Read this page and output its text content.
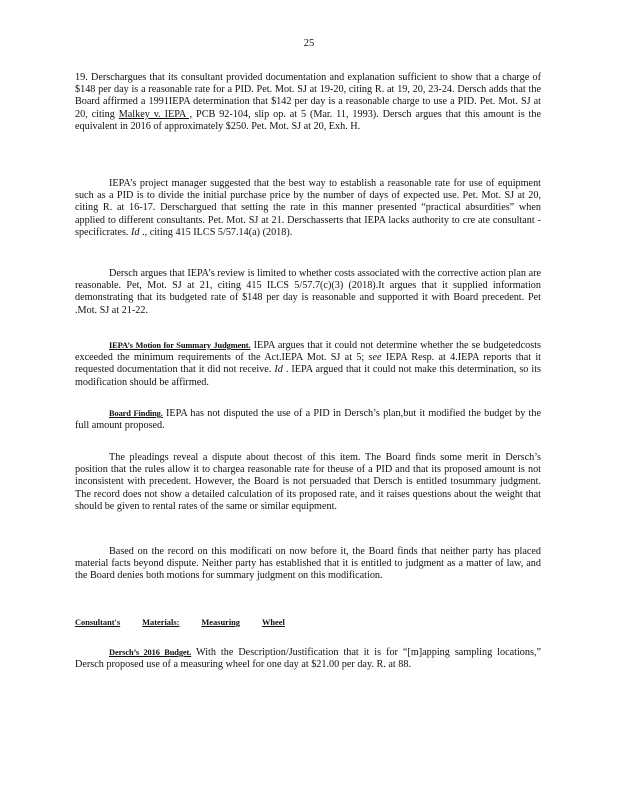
25

19. Derschargues that its consultant provided documentation and explanation sufficient to show that a charge of $148 per day is a reasonable rate for a PID. Pet. Mot. SJ at 19-20, citing R. at 19, 20, 23-24. Dersch adds that the Board affirmed a 1991IEPA determination that $142 per day is a reasonable charge to use a PID. Pet. Mot. SJ at 20, citing Malkey v. IEPA , PCB 92-104, slip op. at 5 (Mar. 11, 1993). Dersch argues that this amount is the equivalent in 2016 of approximately $250. Pet. Mot. SJ at 20, Exh. H.

IEPA’s project manager suggested that the best way to establish a reasonable rate for use of equipment such as a PID is to divide the initial purchase price by the number of days of expected use. Pet. Mot. SJ at 20, citing R. at 16-17. Derschargued that setting the rate in this manner presented “practical absurdities” when applied to different consultants. Pet. Mot. SJ at 21. Derschasserts that IEPA lacks authority to cre ate consultant -specificrates. Id ., citing 415 ILCS 5/57.14(a) (2018).

Dersch argues that IEPA’s review is limited to whether costs associated with the corrective action plan are reasonable. Pet, Mot. SJ at 21, citing 415 ILCS 5/57.7(c)(3) (2018).It argues that it supplied information demonstrating that its budgeted rate of $148 per day is reasonable and supported it with Board precedent. Pet .Mot. SJ at 21-22.

IEPA’s Motion for Summary Judgment. IEPA argues that it could not determine whether the se budgetedcosts exceeded the minimum requirements of the Act.IEPA Mot. SJ at 5; see IEPA Resp. at 4.IEPA reports that it requested documentation that it did not receive. Id . IEPA argued that it could not make this determination, so its modification should be affirmed.

Board Finding. IEPA has not disputed the use of a PID in Dersch’s plan,but it modified the budget by the full amount proposed.

The pleadings reveal a dispute about thecost of this item. The Board finds some merit in Dersch’s position that the rules allow it to chargea reasonable rate for theuse of a PID and that its proposed amount is not inconsistent with precedent. However, the Board is not persuaded that Dersch is entitled tosummary judgment. The record does not show a detailed calculation of its proposed rate, and it raises questions about the weight that should be given to rental rates of the same or similar equipment.

Based on the record on this modificati on now before it, the Board finds that neither party has placed material facts beyond dispute. Neither party has established that it is entitled to judgment as a matter of law, and the Board denies both motions for summary judgment on this modification.

Consultant's	Materials:	Measuring	Wheel

Dersch’s 2016 Budget. With the Description/Justification that it is for “[m]apping sampling locations,” Dersch proposed use of a measuring wheel for one day at $21.00 per day. R. at 88.
